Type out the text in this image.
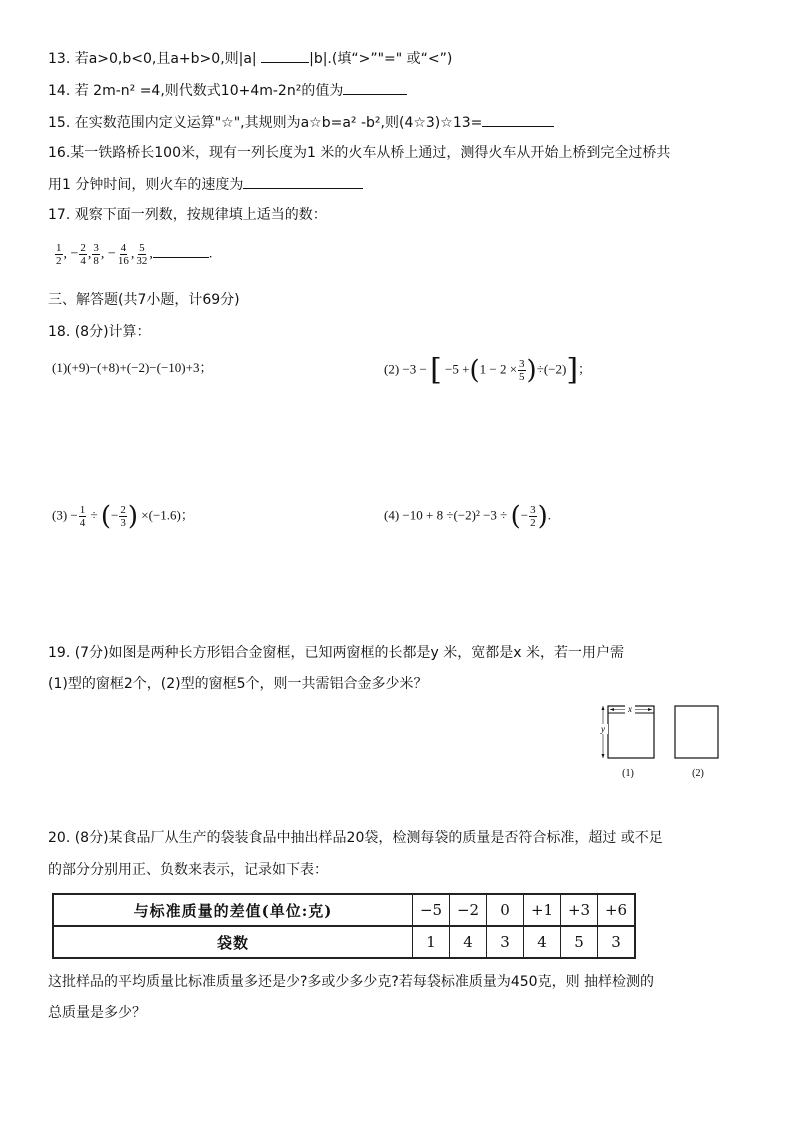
13. 若a>0,b<0,且a+b>0,则|a|	|b|.(填“>”"=" 或“<”)
14. 若 2m-n² =4,则代数式10+4m-2n²的值为
15. 在实数范围内定义运算"☆",其规则为a☆b=a² -b²,则(4☆3)☆13=
16.某一铁路桥长100米，现有一列长度为1 米的火车从桥上通过，测得火车从开始上桥到完全过桥共
用1 分钟时间，则火车的速度为
17. 观察下面一列数，按规律填上适当的数：
$\frac{1}{2}$ , − $\frac{2}{4}$ , $\frac{3}{8}$ , − $\frac{4}{16}$ , $\frac{5}{32}$ ,	.
三、解答题(共7小题，计69分)
18. (8分)计算：
(1)(+9)−(+8)+(−2)−(−10)+3；	(2) −3 − [ $-5 +(1 - 2 \times \frac{3}{5} )\div(-2)$]；
$(3) - \frac{1}{4}$ ÷ (− $\frac{2}{3}$ ) ×(−1.6)；	(4) −10 + 8 ÷(−2)² −3 ÷ (− $\frac{3}{2}$ ).
19. (7分)如图是两种长方形铝合金窗框，已知两窗框的长都是y 米，宽都是x 米，若一用户需
(1)型的窗框2个，(2)型的窗框5个，则一共需铝合金多少米？
x
y
(1)	(2)
20. (8分)某食品厂从生产的袋装食品中抽出样品20袋，检测每袋的质量是否符合标准，超过 或不足
的部分分别用正、负数来表示，记录如下表：
与标准质量的差值(单位:克)	−5	−2	0	+1	+3	+6
袋数	1	4	3	4	5	3
这批样品的平均质量比标准质量多还是少?多或少多少克?若每袋标准质量为450克，则 抽样检测的
总质量是多少？
